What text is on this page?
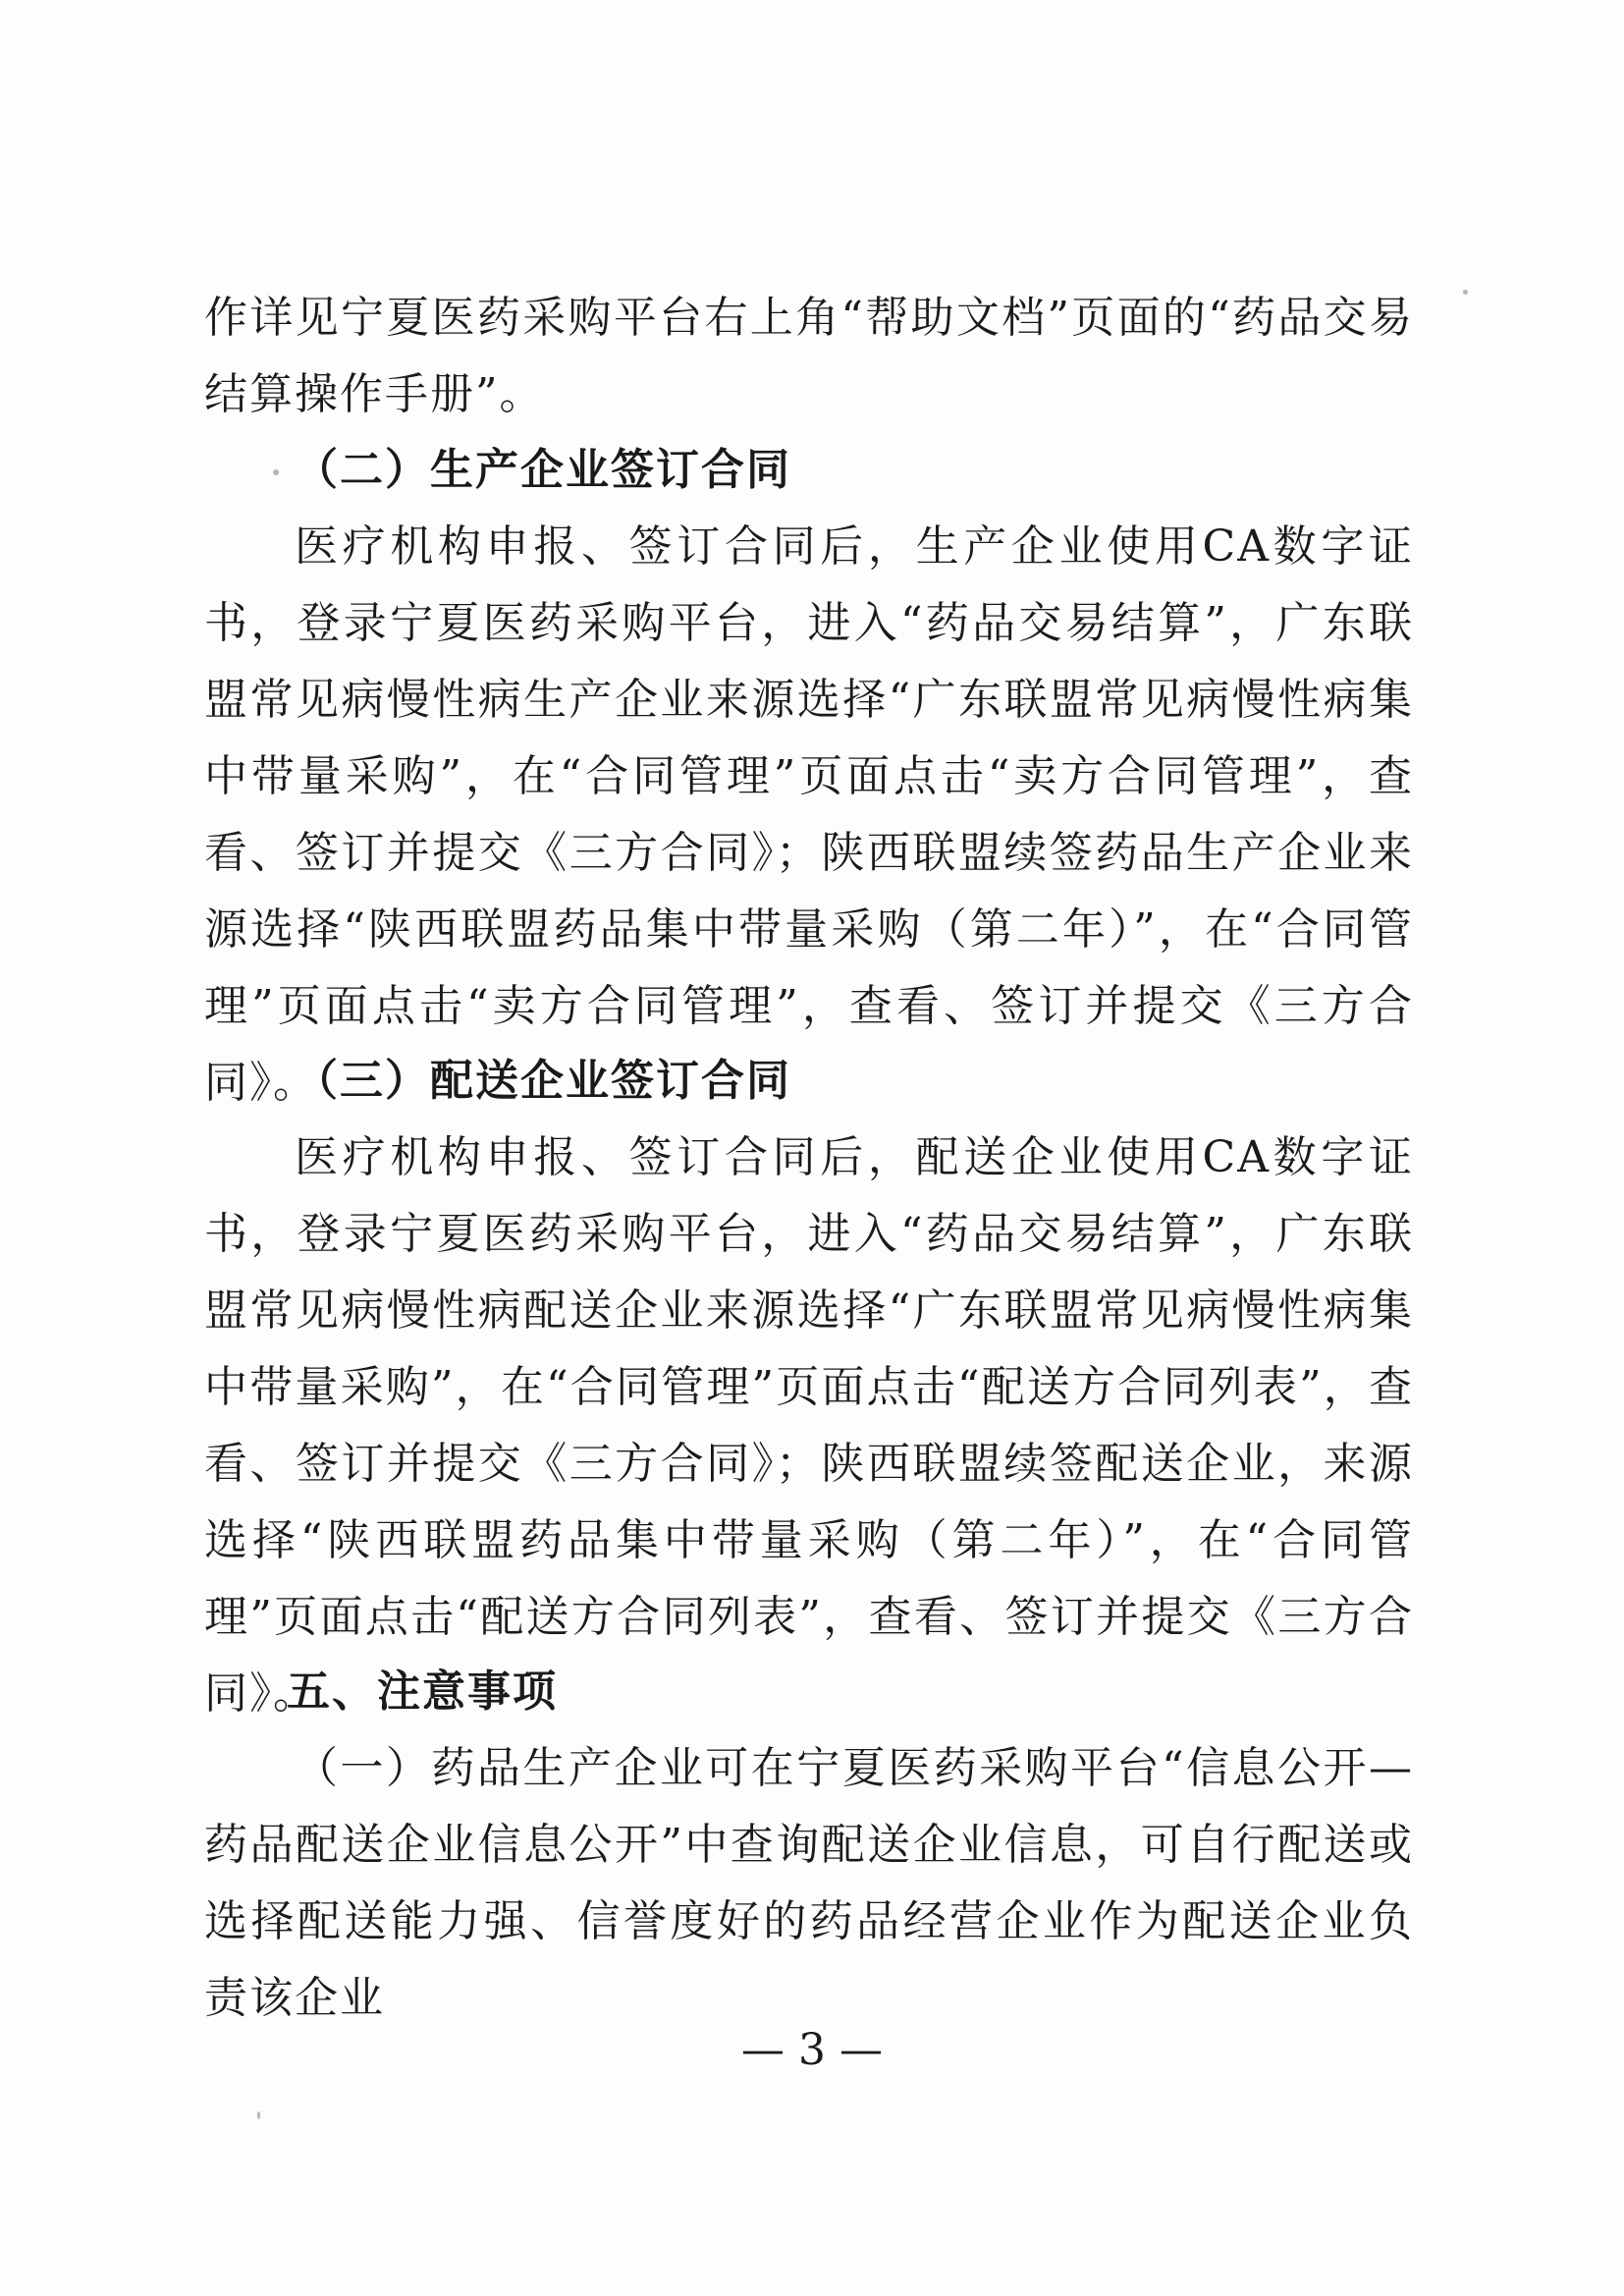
作详见宁夏医药采购平台右上角“帮助文档”页面的“药品交易结算操作手册”。
（二）生产企业签订合同
医疗机构申报、签订合同后，生产企业使用CA数字证书，登录宁夏医药采购平台，进入“药品交易结算”，广东联盟常见病慢性病生产企业来源选择“广东联盟常见病慢性病集中带量采购”，在“合同管理”页面点击“卖方合同管理”，查看、签订并提交《三方合同》；陕西联盟续签药品生产企业来源选择“陕西联盟药品集中带量采购（第二年）”，在“合同管理”页面点击“卖方合同管理”，查看、签订并提交《三方合同》。
（三）配送企业签订合同
医疗机构申报、签订合同后，配送企业使用CA数字证书，登录宁夏医药采购平台，进入“药品交易结算”，广东联盟常见病慢性病配送企业来源选择“广东联盟常见病慢性病集中带量采购”，在“合同管理”页面点击“配送方合同列表”，查看、签订并提交《三方合同》；陕西联盟续签配送企业，来源选择“陕西联盟药品集中带量采购（第二年）”，在“合同管理”页面点击“配送方合同列表”，查看、签订并提交《三方合同》。
五、注意事项
（一）药品生产企业可在宁夏医药采购平台“信息公开—药品配送企业信息公开”中查询配送企业信息，可自行配送或选择配送能力强、信誉度好的药品经营企业作为配送企业负责该企业
— 3 —
